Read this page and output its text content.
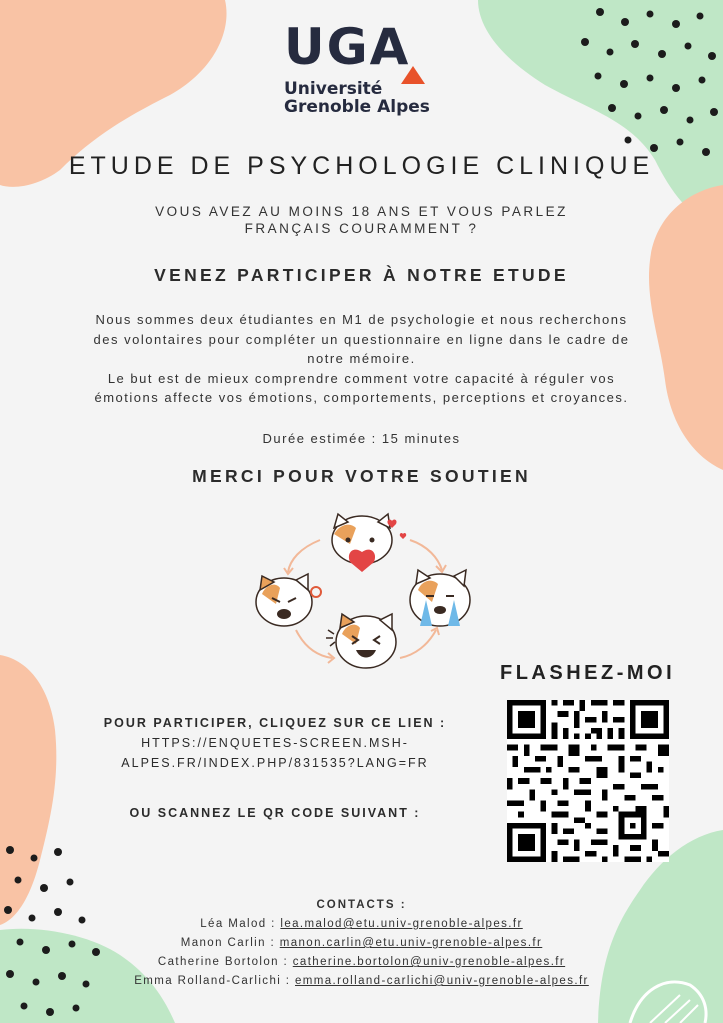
UGA
Université
Grenoble Alpes
ETUDE DE PSYCHOLOGIE CLINIQUE
VOUS AVEZ AU MOINS 18 ANS ET VOUS PARLEZ
FRANÇAIS COURAMMENT ?
VENEZ PARTICIPER À NOTRE ETUDE
Nous sommes deux étudiantes en M1 de psychologie et nous recherchons
des volontaires pour compléter un questionnaire en ligne dans le cadre de
notre mémoire.
Le but est de mieux comprendre comment votre capacité à réguler vos
émotions affecte vos émotions, comportements, perceptions et croyances.
Durée estimée : 15 minutes
MERCI POUR VOTRE SOUTIEN
FLASHEZ-MOI
POUR PARTICIPER, CLIQUEZ SUR CE LIEN :
HTTPS://ENQUETES-SCREEN.MSH-
ALPES.FR/INDEX.PHP/831535?LANG=FR
OU SCANNEZ LE QR CODE SUIVANT :
CONTACTS :
Léa Malod : lea.malod@etu.univ-grenoble-alpes.fr
Manon Carlin : manon.carlin@etu.univ-grenoble-alpes.fr
Catherine Bortolon : catherine.bortolon@univ-grenoble-alpes.fr
Emma Rolland-Carlichi : emma.rolland-carlichi@univ-grenoble-alpes.fr
